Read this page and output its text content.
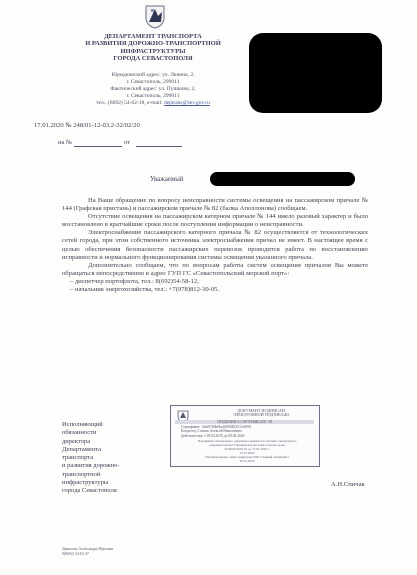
ДЕПАРТАМЕНТ ТРАНСПОРТА
И РАЗВИТИЯ ДОРОЖНО-ТРАНСПОРТНОЙ
ИНФРАСТРУКТУРЫ
ГОРОДА СЕВАСТОПОЛЯ
Юридический адрес: ул. Ленина, 2,
г. Севастополь, 299011
Фактический адрес: ул. Пушкина, 2,
г. Севастополь, 299011
тел.: (8692) 54-02-18, e-mail: deptrans@sev.gov.ru
17.01.2020 № 248/01-12-03.2-32/02/20
на №	от
Уважаемый
На Ваше обращение по вопросу неисправности системы освещения на пассажирском причале № 144 (Графская пристань) и пассажирском причале № 82 (балка Аполлонова) сообщаем.
Отсутствие освещения на пассажирском катерном причале № 144 имело разовый характер и было восстановлено в кратчайшие сроки после поступления информации о неисправности.
Электроснабжение пассажирского катерного причала № 82 осуществляется от технологических сетей города, при этом собственного источника электроснабжения причал не имеет. В настоящее время с целью обеспечения безопасности пассажирских перевозок проводится работа по восстановлению исправности и нормального функционирования системы освещения указанного причала.
Дополнительно сообщаем, что по вопросам работы систем освещения причалов Вы можете обращаться непосредственно в адрес ГУП ГС «Севастопольский морской порт»:
– диспетчер портофлота, тел.: 8(692)54-58-12,
– начальник энергохозяйства, тел.: +7(978)812-30-05.
Исполняющий
обязанности
директора
Департамента
транспорта
и развития дорожно-
транспортной
инфраструктуры
города Севастополя
А.Н.Спичак
ДОКУМЕНТ ПОДПИСАН
ЭЛЕКТРОННОЙ ПОДПИСЬЮ
СВЕДЕНИЯ О СЕРТИФИКАТЕ ЭП
Сертификат: 1d4e67b0b86a4f00000f2512e0001
Владелец: Спичак Алексей Николаевич
Действителен: с 09.04.2019 до 09.04.2020
Подлинник электронного документа хранится в системе электронного
документооборота Правительства Севастополя в доке
№ 06.09.2019 01 до 17.01.2020 г.
17.01.2020
Уполномоченное лицо Свиридова И.В. Главный специалист
20.01.2020
Данилова Александра Юрьевна
8(8692) 54-03-47
